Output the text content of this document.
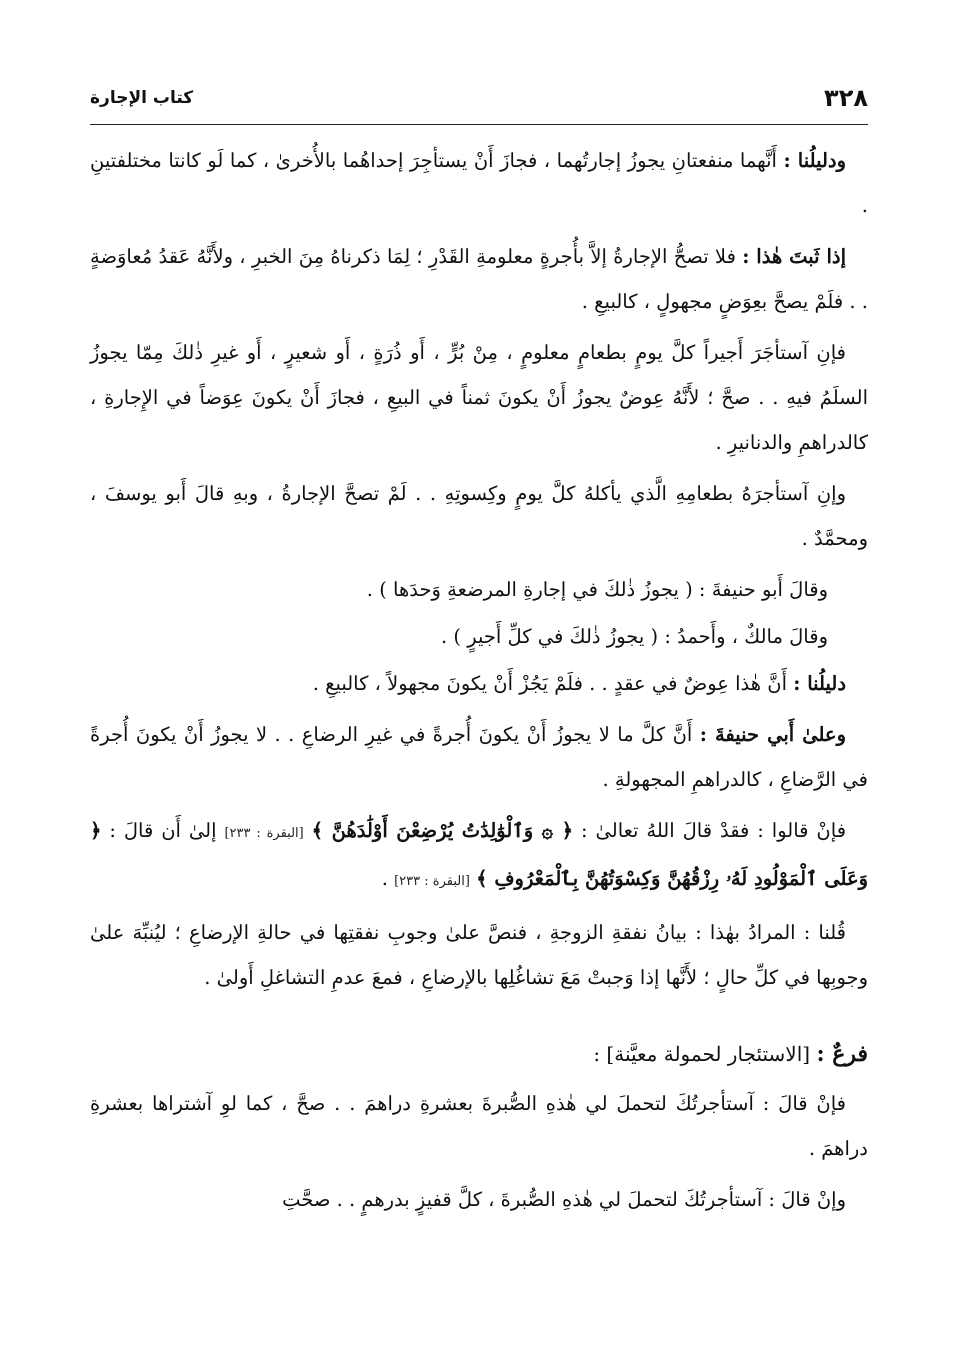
٣٢٨
كتاب الإجارة

ودليلُنا : أَنَّهما منفعتانِ يجوزُ إجارتُهما ، فجازَ أَنْ يستأجِرَ إحداهُما بالأُخرىٰ ، كما لَو كانتا مختلفتينِ .

إذا ثَبتَ هٰذا : فلا تصحُّ الإجارةُ إلاَّ بأُجرةٍ معلومةِ القَدْرِ ؛ لِمَا ذكرناهُ مِنَ الخبرِ ، ولأَنَّهُ عَقدُ مُعاوَضةٍ . . فلَمْ يصحَّ بعِوَضٍ مجهولٍ ، كالبيعِ .

فإنِ آستأجَرَ أَجيراً كلَّ يومٍ بطعامٍ معلومٍ ، مِنْ بُرٍّ ، أَو ذُرَةٍ ، أَو شعيرٍ ، أَو غيرِ ذٰلكَ مِمّا يجوزُ السلَمُ فيهِ . . صحَّ ؛ لأَنَّهُ عِوضٌ يجوزُ أَنْ يكونَ ثمناً في البيعِ ، فجازَ أَنْ يكونَ عِوَضاً في الإِجارةِ ، كالدراهمِ والدنانيرِ .

وإنِ آستأجرَهُ بطعامِهِ الَّذي يأكلهُ كلَّ يومٍ وكِسوتِهِ . . لَمْ تصحَّ الإجارةُ ، وبهِ قالَ أَبو يوسفَ ، ومحمَّدٌ .

وقالَ أَبو حنيفةَ : ( يجوزُ ذٰلكَ في إجارةِ المرضعةِ وَحدَها ) .

وقالَ مالكٌ ، وأَحمدُ : ( يجوزُ ذٰلكَ في كلِّ أَجيرٍ ) .

دليلُنا : أَنَّ هٰذا عِوضٌ في عقدٍ . . فلَمْ يَجُزْ أَنْ يكونَ مجهولاً ، كالبيعِ .

وعلىٰ أَبي حنيفةَ : أَنَّ كلَّ ما لا يجوزُ أَنْ يكونَ أُجرةً في غيرِ الرضاعِ . . لا يجوزُ أَنْ يكونَ أُجرةً في الرَّضاعِ ، كالدراهمِ المجهولةِ .

فإنْ قالوا : فقدْ قالَ اللهُ تعالىٰ : ﴿ ۞ وَٱلْوَٰلِدَٰتُ يُرْضِعْنَ أَوْلَٰدَهُنَّ ﴾ [البقرة : ٢٣٣] إلىٰ أَن قالَ : ﴿ وَعَلَى ٱلْمَوْلُودِ لَهُۥ رِزْقُهُنَّ وَكِسْوَتُهُنَّ بِٱلْمَعْرُوفِ ﴾ [البقرة : ٢٣٣] .

قُلنا : المرادُ بهٰذا : بيانُ نفقةِ الزوجةِ ، فنصَّ علىٰ وجوبِ نفقتِها في حالةِ الإرضاعِ ؛ ليُنبِّهَ علىٰ وجوبِها في كلِّ حالٍ ؛ لأَنَّها إذا وَجبتْ مَعَ تشاغُلِها بالإرضاعِ ، فمعَ عدمِ التشاغلِ أَولىٰ .

فرعٌ : [الاستئجار لحمولة معيَّنة] :

فإنْ قالَ : آستأجرتُكَ لتحملَ لي هٰذهِ الصُّبرةَ بعشرةِ دراهمَ . . صحَّ ، كما لوِ آشتراها بعشرةِ دراهمَ .

وإنْ قالَ : آستأجرتُكَ لتحملَ لي هٰذهِ الصُّبرةَ ، كلَّ قفيزٍ بدرهمٍ . . صحَّتِ
